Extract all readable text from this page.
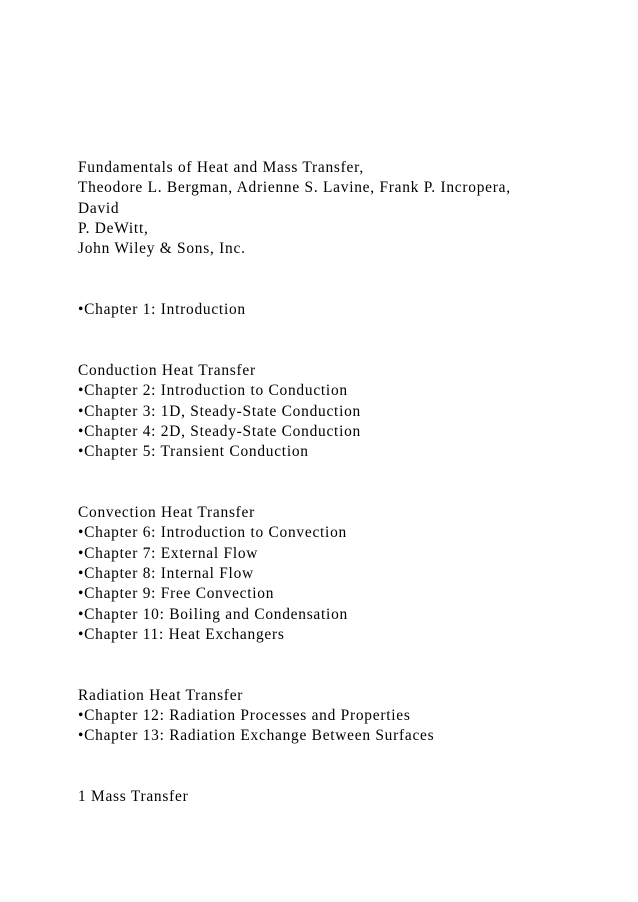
Fundamentals of Heat and Mass Transfer,
Theodore L. Bergman, Adrienne S. Lavine, Frank P. Incropera,
David
P. DeWitt,
John Wiley & Sons, Inc.
•Chapter 1: Introduction
Conduction Heat Transfer
•Chapter 2: Introduction to Conduction
•Chapter 3: 1D, Steady-State Conduction
•Chapter 4: 2D, Steady-State Conduction
•Chapter 5: Transient Conduction
Convection Heat Transfer
•Chapter 6: Introduction to Convection
•Chapter 7: External Flow
•Chapter 8: Internal Flow
•Chapter 9: Free Convection
•Chapter 10: Boiling and Condensation
•Chapter 11: Heat Exchangers
Radiation Heat Transfer
•Chapter 12: Radiation Processes and Properties
•Chapter 13: Radiation Exchange Between Surfaces
1 Mass Transfer
